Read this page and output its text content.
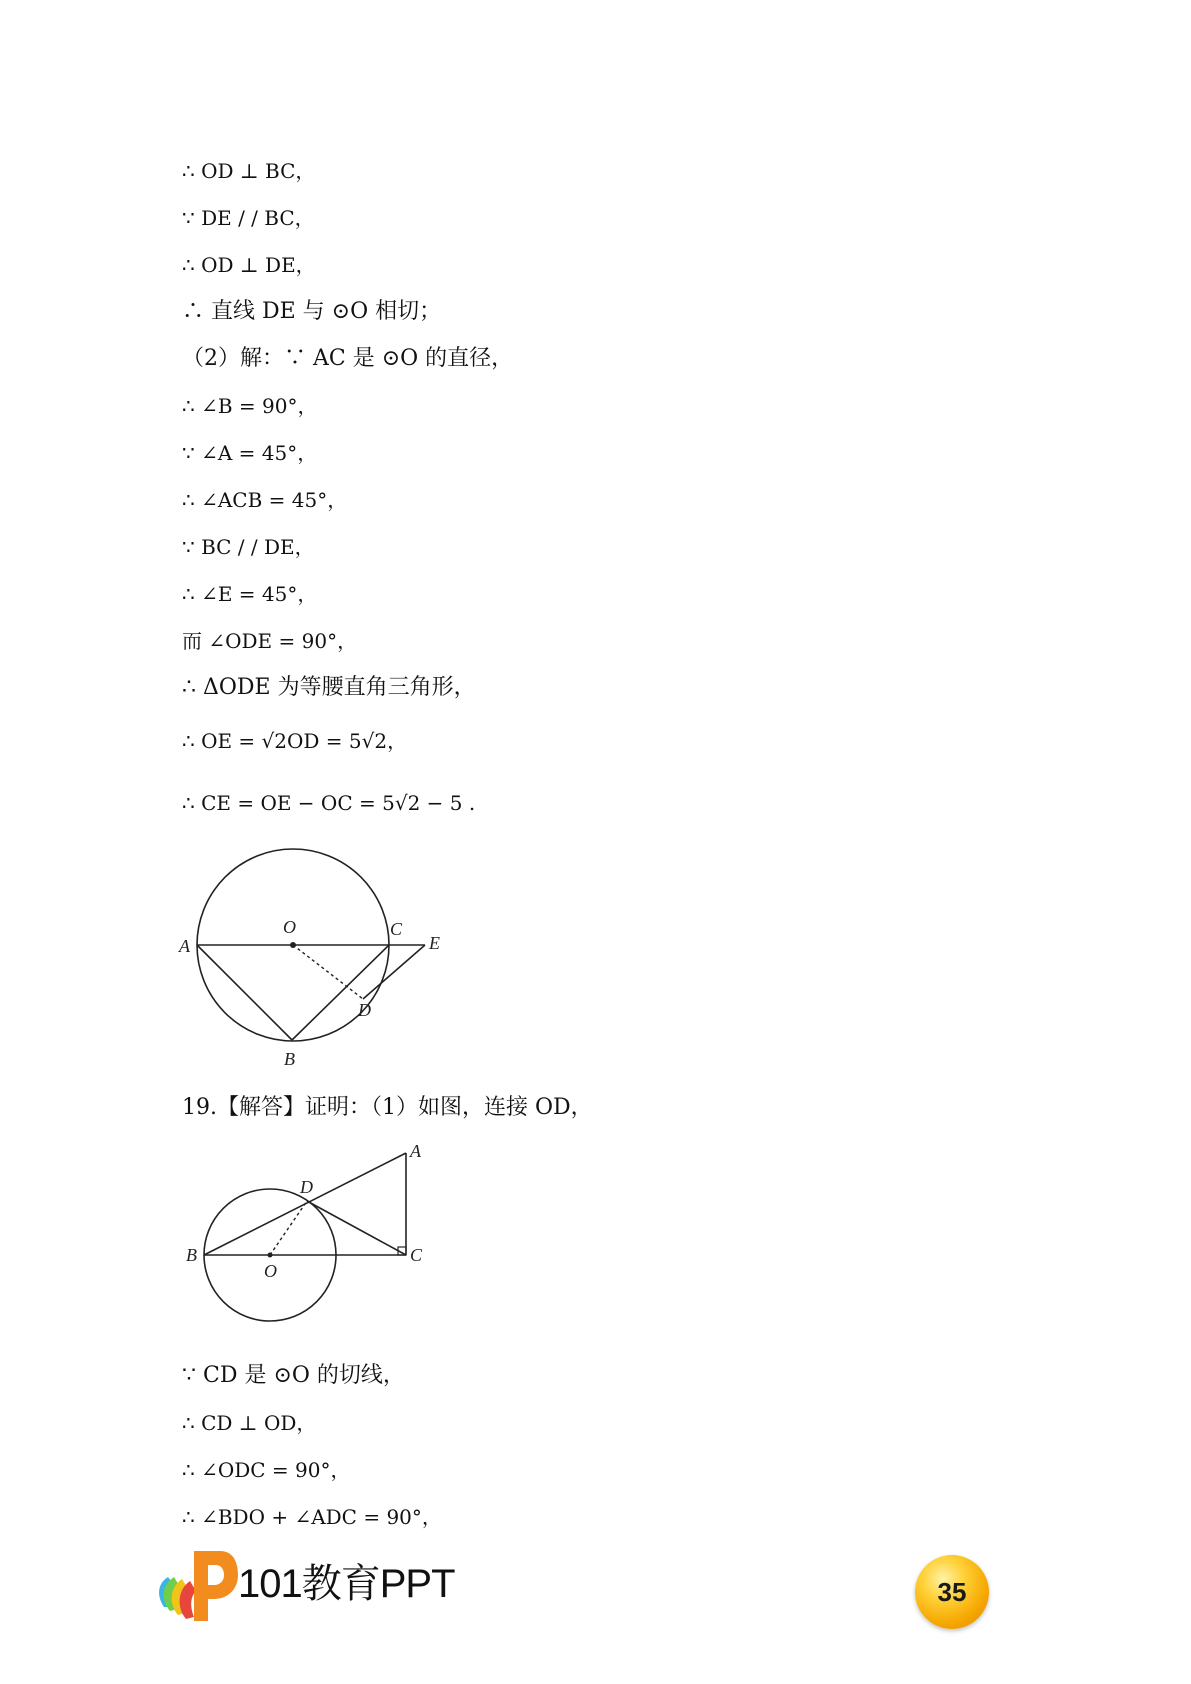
∴ OD ⊥ BC，
∵ DE / / BC，
∴ OD ⊥ DE，
∴ 直线 DE 与 ⊙O 相切；
（2）解：∵ AC 是 ⊙O 的直径，
∴ ∠B = 90°，
∵ ∠A = 45°，
∴ ∠ACB = 45°，
∵ BC / / DE，
∴ ∠E = 45°，
而 ∠ODE = 90°，
∴ ΔODE 为等腰直角三角形，
∴ OE = √2OD = 5√2，
∴ CE = OE − OC = 5√2 − 5 .
A
O	C
E
D
B
19.【解答】证明：（1）如图，连接 OD，
A
D
B
O
C
∵ CD 是 ⊙O 的切线，
∴ CD ⊥ OD，
∴ ∠ODC = 90°，
∴ ∠BDO + ∠ADC = 90°，
101教育PPT	35
